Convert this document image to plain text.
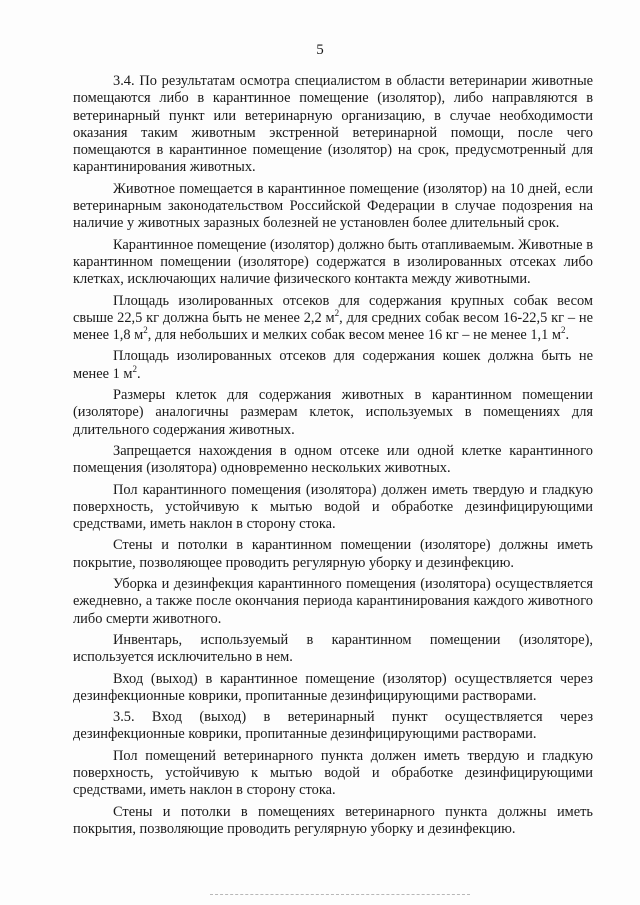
5

3.4. По результатам осмотра специалистом в области ветеринарии животные помещаются либо в карантинное помещение (изолятор), либо направляются в ветеринарный пункт или ветеринарную организацию, в случае необходимости оказания таким животным экстренной ветеринарной помощи, после чего помещаются в карантинное помещение (изолятор) на срок, предусмотренный для карантинирования животных.

Животное помещается в карантинное помещение (изолятор) на 10 дней, если ветеринарным законодательством Российской Федерации в случае подозрения на наличие у животных заразных болезней не установлен более длительный срок.

Карантинное помещение (изолятор) должно быть отапливаемым. Животные в карантинном помещении (изоляторе) содержатся в изолированных отсеках либо клетках, исключающих наличие физического контакта между животными.

Площадь изолированных отсеков для содержания крупных собак весом свыше 22,5 кг должна быть не менее 2,2 $м^2$, для средних собак весом 16-22,5 кг – не менее 1,8 $м^2$, для небольших и мелких собак весом менее 16 кг – не менее 1,1 $м^2$.

Площадь изолированных отсеков для содержания кошек должна быть не менее 1 $м^2$.

Размеры клеток для содержания животных в карантинном помещении (изоляторе) аналогичны размерам клеток, используемых в помещениях для длительного содержания животных.

Запрещается нахождения в одном отсеке или одной клетке карантинного помещения (изолятора) одновременно нескольких животных.

Пол карантинного помещения (изолятора) должен иметь твердую и гладкую поверхность, устойчивую к мытью водой и обработке дезинфицирующими средствами, иметь наклон в сторону стока.

Стены и потолки в карантинном помещении (изоляторе) должны иметь покрытие, позволяющее проводить регулярную уборку и дезинфекцию.

Уборка и дезинфекция карантинного помещения (изолятора) осуществляется ежедневно, а также после окончания периода карантинирования каждого животного либо смерти животного.

Инвентарь, используемый в карантинном помещении (изоляторе), используется исключительно в нем.

Вход (выход) в карантинное помещение (изолятор) осуществляется через дезинфекционные коврики, пропитанные дезинфицирующими растворами.

3.5. Вход (выход) в ветеринарный пункт осуществляется через дезинфекционные коврики, пропитанные дезинфицирующими растворами.

Пол помещений ветеринарного пункта должен иметь твердую и гладкую поверхность, устойчивую к мытью водой и обработке дезинфицирующими средствами, иметь наклон в сторону стока.

Стены и потолки в помещениях ветеринарного пункта должны иметь покрытия, позволяющие проводить регулярную уборку и дезинфекцию.
